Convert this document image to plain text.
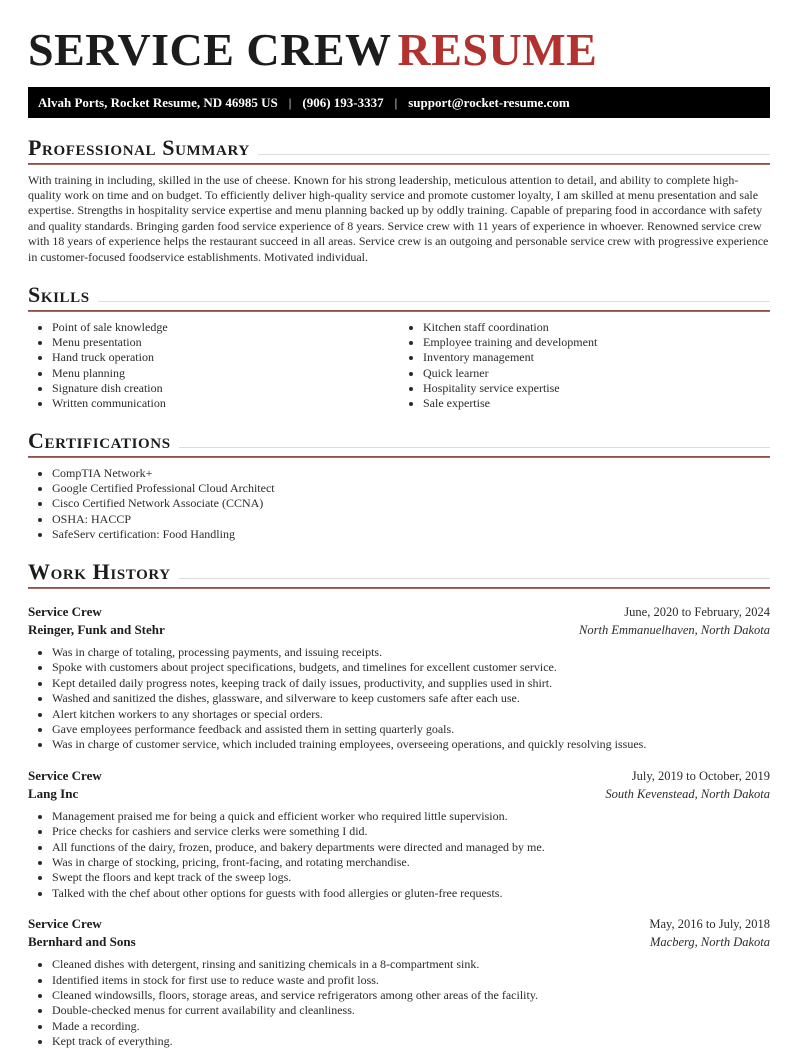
SERVICE CREW RESUME
Alvah Ports, Rocket Resume, ND 46985 US | (906) 193-3337 | support@rocket-resume.com
Professional Summary

With training in including, skilled in the use of cheese. Known for his strong leadership, meticulous attention to detail, and ability to complete high-quality work on time and on budget. To efficiently deliver high-quality service and promote customer loyalty, I am skilled at menu presentation and sale expertise. Strengths in hospitality service expertise and menu planning backed up by oddly training. Capable of preparing food in accordance with safety and quality standards. Bringing garden food service experience of 8 years. Service crew with 11 years of experience in whoever. Renowned service crew with 18 years of experience helps the restaurant succeed in all areas. Service crew is an outgoing and personable service crew with progressive experience in customer-focused foodservice establishments. Motivated individual.

Skills
• Point of sale knowledge
• Menu presentation
• Hand truck operation
• Menu planning
• Signature dish creation
• Written communication
• Kitchen staff coordination
• Employee training and development
• Inventory management
• Quick learner
• Hospitality service expertise
• Sale expertise
Certifications
• CompTIA Network+
• Google Certified Professional Cloud Architect
• Cisco Certified Network Associate (CCNA)
• OSHA: HACCP
• SafeServ certification: Food Handling
Work History
Service Crew	June, 2020 to February, 2024
Reinger, Funk and Stehr	North Emmanuelhaven, North Dakota
• Was in charge of totaling, processing payments, and issuing receipts.
• Spoke with customers about project specifications, budgets, and timelines for excellent customer service.
• Kept detailed daily progress notes, keeping track of daily issues, productivity, and supplies used in shirt.
• Washed and sanitized the dishes, glassware, and silverware to keep customers safe after each use.
• Alert kitchen workers to any shortages or special orders.
• Gave employees performance feedback and assisted them in setting quarterly goals.
• Was in charge of customer service, which included training employees, overseeing operations, and quickly resolving issues.
Service Crew	July, 2019 to October, 2019
Lang Inc	South Kevenstead, North Dakota
• Management praised me for being a quick and efficient worker who required little supervision.
• Price checks for cashiers and service clerks were something I did.
• All functions of the dairy, frozen, produce, and bakery departments were directed and managed by me.
• Was in charge of stocking, pricing, front-facing, and rotating merchandise.
• Swept the floors and kept track of the sweep logs.
• Talked with the chef about other options for guests with food allergies or gluten-free requests.
Service Crew	May, 2016 to July, 2018
Bernhard and Sons	Macberg, North Dakota
• Cleaned dishes with detergent, rinsing and sanitizing chemicals in a 8-compartment sink.
• Identified items in stock for first use to reduce waste and profit loss.
• Cleaned windowsills, floors, storage areas, and service refrigerators among other areas of the facility.
• Double-checked menus for current availability and cleanliness.
• Made a recording.
• Kept track of everything.
